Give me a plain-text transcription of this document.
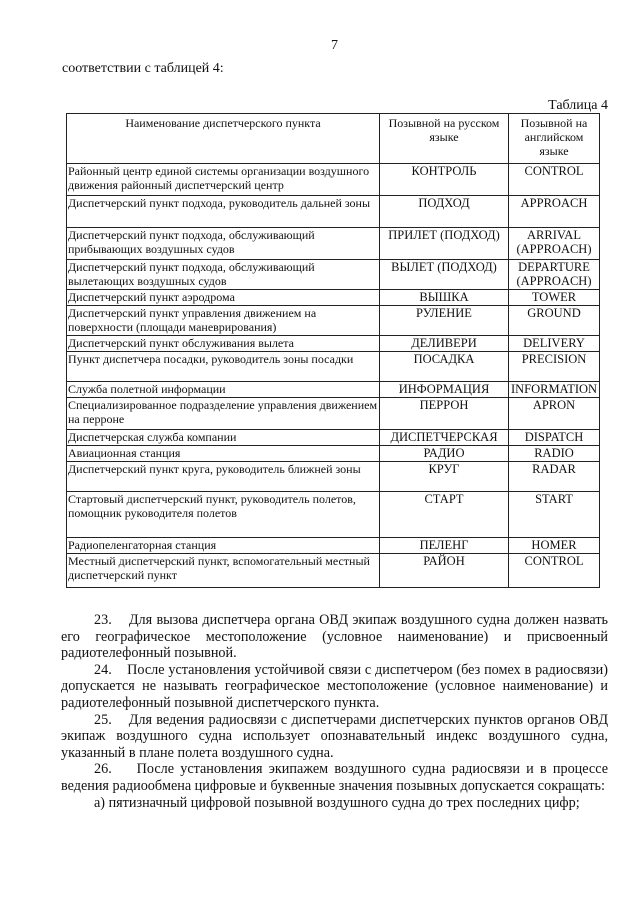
7
соответствии с таблицей 4:
Таблица 4
Наименование диспетчерского пункта	Позывной на русском языке	Позывной на английском языке
Районный центр единой системы организации воздушного движения районный диспетчерский центр	КОНТРОЛЬ	CONTROL
Диспетчерский пункт подхода, руководитель дальней зоны	ПОДХОД	APPROACH
Диспетчерский пункт подхода, обслуживающий прибывающих воздушных судов	ПРИЛЕТ (ПОДХОД)	ARRIVAL (APPROACH)
Диспетчерский пункт подхода, обслуживающий вылетающих воздушных судов	ВЫЛЕТ (ПОДХОД)	DEPARTURE (APPROACH)
Диспетчерский пункт аэродрома	ВЫШКА	TOWER
Диспетчерский пункт управления движением на поверхности (площади маневрирования)	РУЛЕНИЕ	GROUND
Диспетчерский пункт обслуживания вылета	ДЕЛИВЕРИ	DELIVERY
Пункт диспетчера посадки, руководитель зоны посадки	ПОСАДКА	PRECISION
Служба полетной информации	ИНФОРМАЦИЯ	INFORMATION
Специализированное подразделение управления движением на перроне	ПЕРРОН	APRON
Диспетчерская служба компании	ДИСПЕТЧЕРСКАЯ	DISPATCH
Авиационная станция	РАДИО	RADIO
Диспетчерский пункт круга, руководитель ближней зоны	КРУГ	RADAR
Стартовый диспетчерский пункт, руководитель полетов, помощник руководителя полетов	СТАРТ	START
Радиопеленгаторная станция	ПЕЛЕНГ	HOMER
Местный диспетчерский пункт, вспомогательный местный диспетчерский пункт	РАЙОН	CONTROL

23.    Для вызова диспетчера органа ОВД экипаж воздушного судна должен назвать его географическое местоположение (условное наименование) и присвоенный радиотелефонный позывной.

24.    После установления устойчивой связи с диспетчером (без помех в радиосвязи) допускается не называть географическое местоположение (условное наименование) и радиотелефонный позывной диспетчерского пункта.

25.    Для ведения радиосвязи с диспетчерами диспетчерских пунктов органов ОВД экипаж воздушного судна использует опознавательный индекс воздушного судна, указанный в плане полета воздушного судна.

26.    После установления экипажем воздушного судна радиосвязи и в процессе ведения радиообмена цифровые и буквенные значения позывных допускается сокращать:

а) пятизначный цифровой позывной воздушного судна до трех последних цифр;
